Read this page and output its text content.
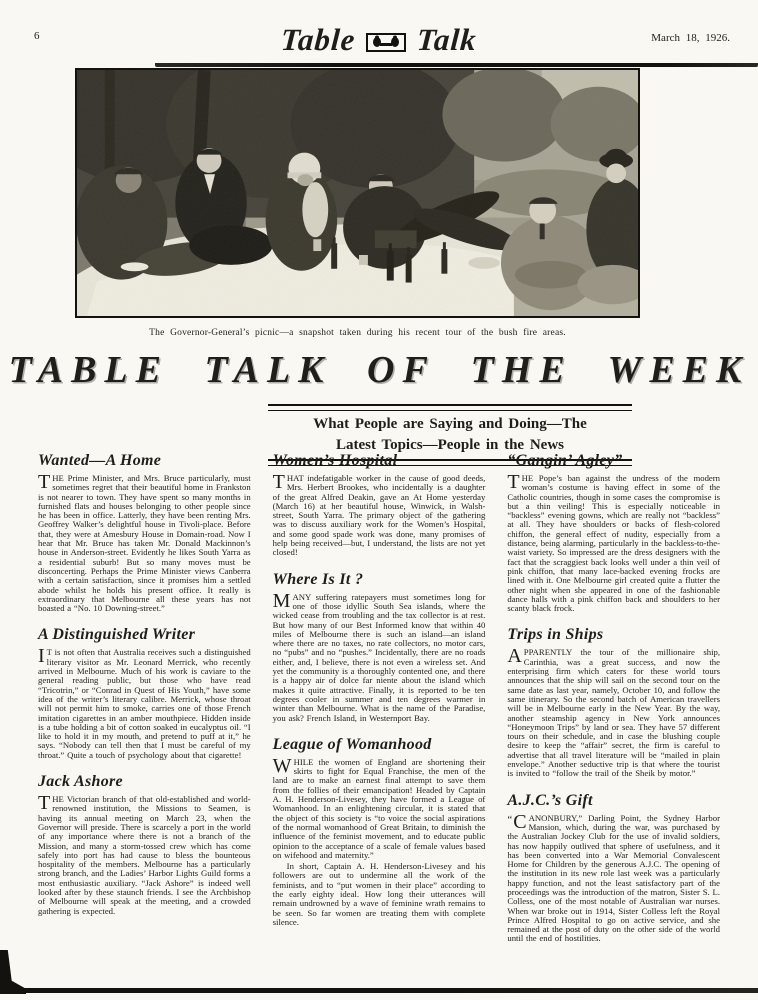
6	Table Talk	March 18, 1926.
The Governor-General’s picnic—a snapshot taken during his recent tour of the bush fire areas.
TABLE TALK OF THE WEEK
What People are Saying and Doing—The
Latest Topics—People in the News
Wanted—A Home

THE Prime Minister, and Mrs. Bruce particularly, must sometimes regret that their beautiful home in Frankston is not nearer to town. They have spent so many months in furnished flats and houses belonging to other people since he has been in office. Latterly, they have been renting Mrs. Geoffrey Walker’s delightful house in Tivoli-place. Before that, they were at Amesbury House in Domain-road. Now I hear that Mr. Bruce has taken Mr. Donald Mackinnon’s house in Anderson-street. Evidently he likes South Yarra as a residential suburb! But so many moves must be disconcerting. Perhaps the Prime Minister views Canberra with a certain satisfaction, since it promises him a settled abode whilst he holds his present office. It really is extraordinary that Melbourne all these years has not boasted a “No. 10 Downing-street.”

A Distinguished Writer

I T is not often that Australia receives such a distinguished literary visitor as Mr. Leonard Merrick, who recently arrived in Melbourne. Much of his work is caviare to the general reading public, but those who have read “Tricotrin,” or “Conrad in Quest of His Youth,” have some idea of the writer’s literary calibre. Merrick, whose throat will not permit him to smoke, carries one of those French imitation cigarettes in an amber mouthpiece. Hidden inside is a tube holding a bit of cotton soaked in eucalyptus oil. “I like to hold it in my mouth, and pretend to puff at it,” he says. “Nobody can tell then that I must be careful of my throat.” Quite a touch of psychology about that cigarette!

Jack Ashore

THE Victorian branch of that old-established and world-renowned institution, the Missions to Seamen, is having its annual meeting on March 23, when the Governor will preside. There is scarcely a port in the world of any importance where there is not a branch of the Mission, and many a storm-tossed crew which has come safely into port has had cause to bless the bounteous hospitality of the members. Melbourne has a particularly strong branch, and the Ladies’ Harbor Lights Guild forms a most enthusiastic auxiliary. “Jack Ashore” is indeed well looked after by these staunch friends. I see the Archbishop of Melbourne will speak at the meeting, and a crowded gathering is expected.

Women’s Hospital

THAT indefatigable worker in the cause of good deeds, Mrs. Herbert Brookes, who incidentally is a daughter of the great Alfred Deakin, gave an At Home yesterday (March 16) at her beautiful house, Winwick, in Walsh-street, South Yarra. The primary object of the gathering was to discuss auxiliary work for the Women’s Hospital, and some good spade work was done, many promises of help being received—but, I understand, the lists are not yet closed!

Where Is It ?

MANY suffering ratepayers must sometimes long for one of those idyllic South Sea islands, where the wicked cease from troubling and the tax collector is at rest. But how many of our Best Informed know that within 40 miles of Melbourne there is such an island—an island where there are no taxes, no rate collectors, no motor cars, no “pubs” and no “pushes.” Incidentally, there are no roads either, and, I believe, there is not even a wireless set. And yet the community is a thoroughly contented one, and there is a happy air of dolce far niente about the island which makes it quite attractive. Finally, it is reported to be ten degrees cooler in summer and ten degrees warmer in winter than Melbourne. What is the name of the Paradise, you ask? French Island, in Westernport Bay.

League of Womanhood

WHILE the women of England are shortening their skirts to fight for Equal Franchise, the men of the land are to make an earnest final attempt to save them from the follies of their emancipation! Headed by Captain A. H. Henderson-Livesey, they have formed a League of Womanhood. In an enlightening circular, it is stated that the object of this society is “to voice the social aspirations of the normal womanhood of Great Britain, to diminish the influence of the feminist movement, and to educate public opinion to the acceptance of a scale of female values based on wifehood and maternity.”

In short, Captain A. H. Henderson-Livesey and his followers are out to undermine all the work of the feminists, and to “put women in their place” according to the early eighty ideal. How long their utterances will remain undrowned by a wave of feminine wrath remains to be seen. So far women are treating them with complete silence.

“Gangin’ Agley”

THE Pope’s ban against the undress of the modern woman’s costume is having effect in some of the Catholic countries, though in some cases the compromise is but a thin veiling! This is especially noticeable in “backless” evening gowns, which are really not “backless” at all. They have shoulders or backs of flesh-colored chiffon, the general effect of nudity, especially from a distance, being alarming, particularly in the backless-to-the-waist variety. So impressed are the dress designers with the fact that the scraggiest back looks well under a thin veil of pink chiffon, that many lace-backed evening frocks are lined with it. One Melbourne girl created quite a flutter the other night when she appeared in one of the fashionable dance halls with a pink chiffon back and shoulders to her scanty black frock.

Trips in Ships

APPARENTLY the tour of the millionaire ship, Carinthia, was a great success, and now the enterprising firm which caters for these world tours announces that the ship will sail on the second tour on the same date as last year, namely, October 10, and follow the same itinerary. So the second batch of American travellers will be in Melbourne early in the New Year. By the way, another steamship agency in New York announces “Honeymoon Trips” by land or sea. They have 57 different tours on their schedule, and in case the blushing couple desire to keep the “affair” secret, the firm is careful to advertise that all travel literature will be “mailed in plain envelope.” Another seductive trip is that where the tourist is invited to “follow the trail of the Sheik by motor.”

A.J.C.’s Gift

“ C ANONBURY,” Darling Point, the Sydney Harbor Mansion, which, during the war, was purchased by the Australian Jockey Club for the use of invalid soldiers, has now happily outlived that sphere of usefulness, and it has been converted into a War Memorial Convalescent Home for Children by the generous A.J.C. The opening of the institution in its new role last week was a particularly happy function, and not the least satisfactory part of the proceedings was the introduction of the matron, Sister S. L. Colless, one of the most notable of Australian war nurses. When war broke out in 1914, Sister Colless left the Royal Prince Alfred Hospital to go on active service, and she remained at the post of duty on the other side of the world until the end of hostilities.
